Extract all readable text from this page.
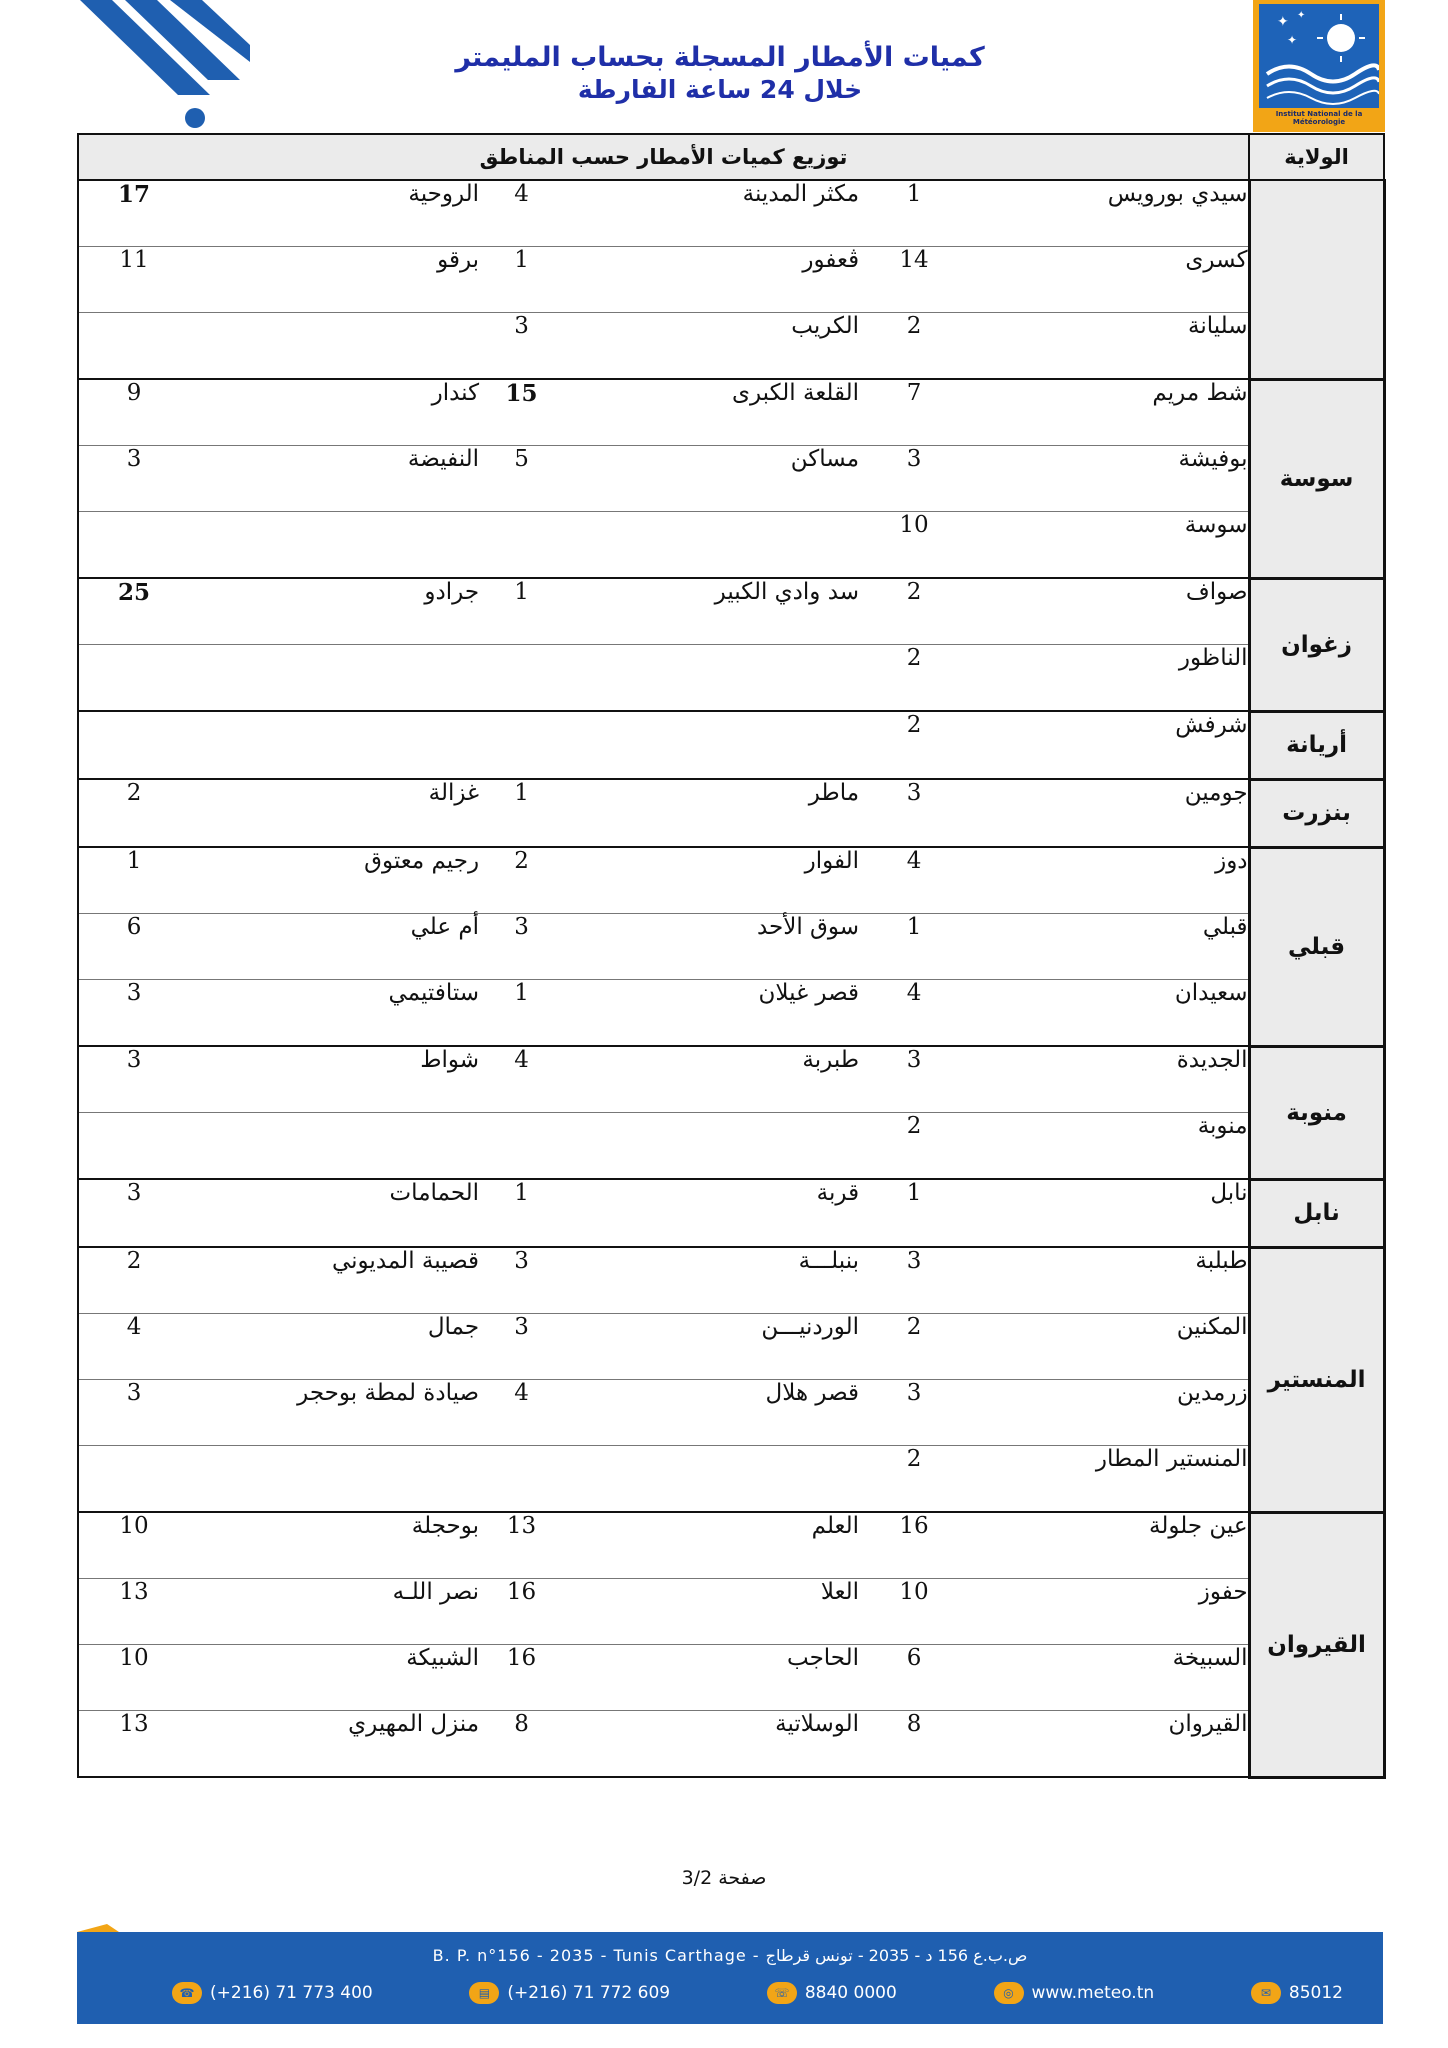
كميات الأمطار المسجلة بحساب المليمتر
خلال 24 ساعة الفارطة
✦ ✦
✦
Institut National de la Météorologie
الولاية	توزيع كميات الأمطار حسب المناطق					
	سيدي بورويس	1	مكثر المدينة	4	الروحية	17
	كسرى	14	ڤعفور	1	برقو	11
	سليانة	2	الكريب	3		
سوسة	شط مريم	7	القلعة الكبرى	15	كندار	9
	بوفيشة	3	مساكن	5	النفيضة	3
	سوسة	10				
زغوان	صواف	2	سد وادي الكبير	1	جرادو	25
	الناظور	2				
أريانة	شرفش	2				
بنزرت	جومين	3	ماطر	1	غزالة	2
قبلي	دوز	4	الفوار	2	رجيم معتوق	1
	قبلي	1	سوق الأحد	3	أم علي	6
	سعيدان	4	قصر غيلان	1	ستافتيمي	3
منوبة	الجديدة	3	طبربة	4	شواط	3
	منوبة	2				
نابل	نابل	1	قربة	1	الحمامات	3
المنستير	طبلبة	3	بنبلـــة	3	قصيبة المديوني	2
	المكنين	2	الوردنيـــن	3	جمال	4
	زرمدين	3	قصر هلال	4	صيادة لمطة بوحجر	3
	المنستير المطار	2				
القيروان	عين جلولة	16	العلم	13	بوحجلة	10
	حفوز	10	العلا	16	نصر اللـه	13
	السبيخة	6	الحاجب	16	الشبيكة	10
	القيروان	8	الوسلاتية	8	منزل المهيري	13
صفحة 3/2
B. P. n°156 - 2035 - Tunis Carthage - ص.ب.ع 156 د - 2035 - تونس قرطاج
☎ (+216) 71 773 400	▤	(+216) 71 772 609	☏ 8840 0000	◎	www.meteo.tn	✉	85012
